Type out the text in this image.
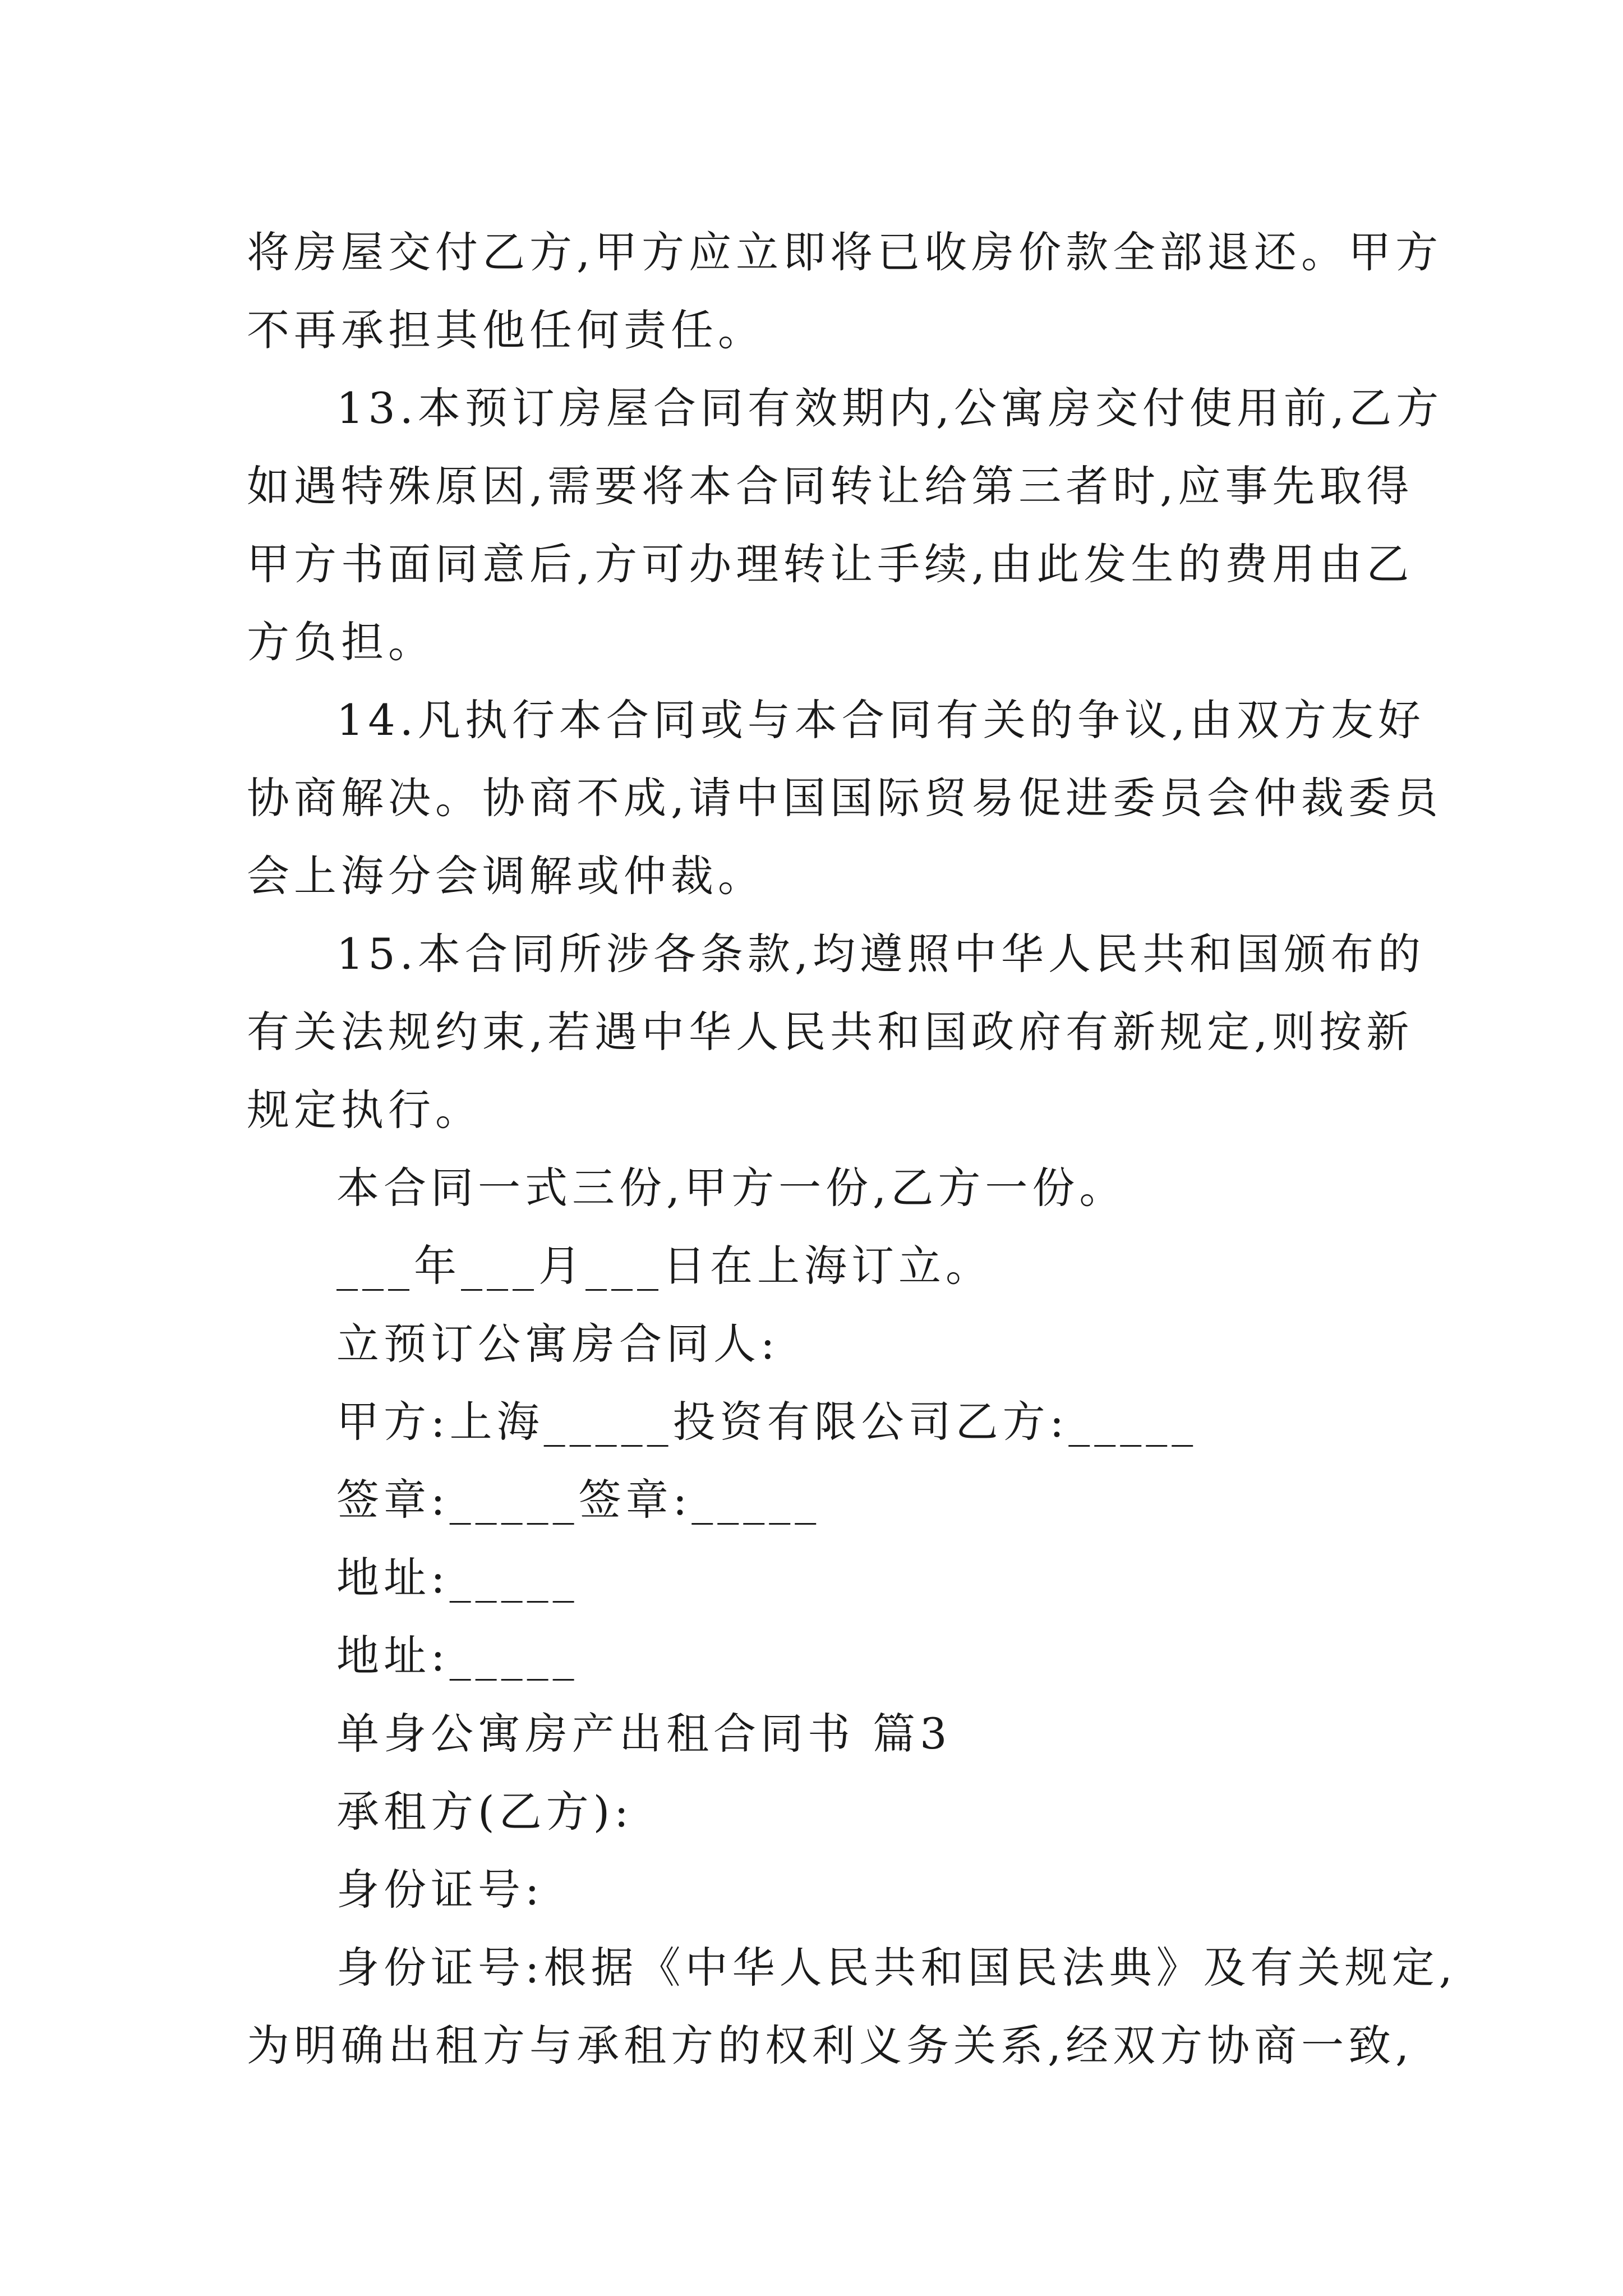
将房屋交付乙方,甲方应立即将已收房价款全部退还。甲方
不再承担其他任何责任。
13.本预订房屋合同有效期内,公寓房交付使用前,乙方
如遇特殊原因,需要将本合同转让给第三者时,应事先取得
甲方书面同意后,方可办理转让手续,由此发生的费用由乙
方负担。
14.凡执行本合同或与本合同有关的争议,由双方友好
协商解决。协商不成,请中国国际贸易促进委员会仲裁委员
会上海分会调解或仲裁。
15.本合同所涉各条款,均遵照中华人民共和国颁布的
有关法规约束,若遇中华人民共和国政府有新规定,则按新
规定执行。
本合同一式三份,甲方一份,乙方一份。
___年___月___日在上海订立。
立预订公寓房合同人:
甲方:上海_____投资有限公司乙方:_____
签章:_____签章:_____
地址:_____
地址:_____
单身公寓房产出租合同书 篇3
承租方(乙方):
身份证号:
身份证号:根据《中华人民共和国民法典》及有关规定,
为明确出租方与承租方的权利义务关系,经双方协商一致,
